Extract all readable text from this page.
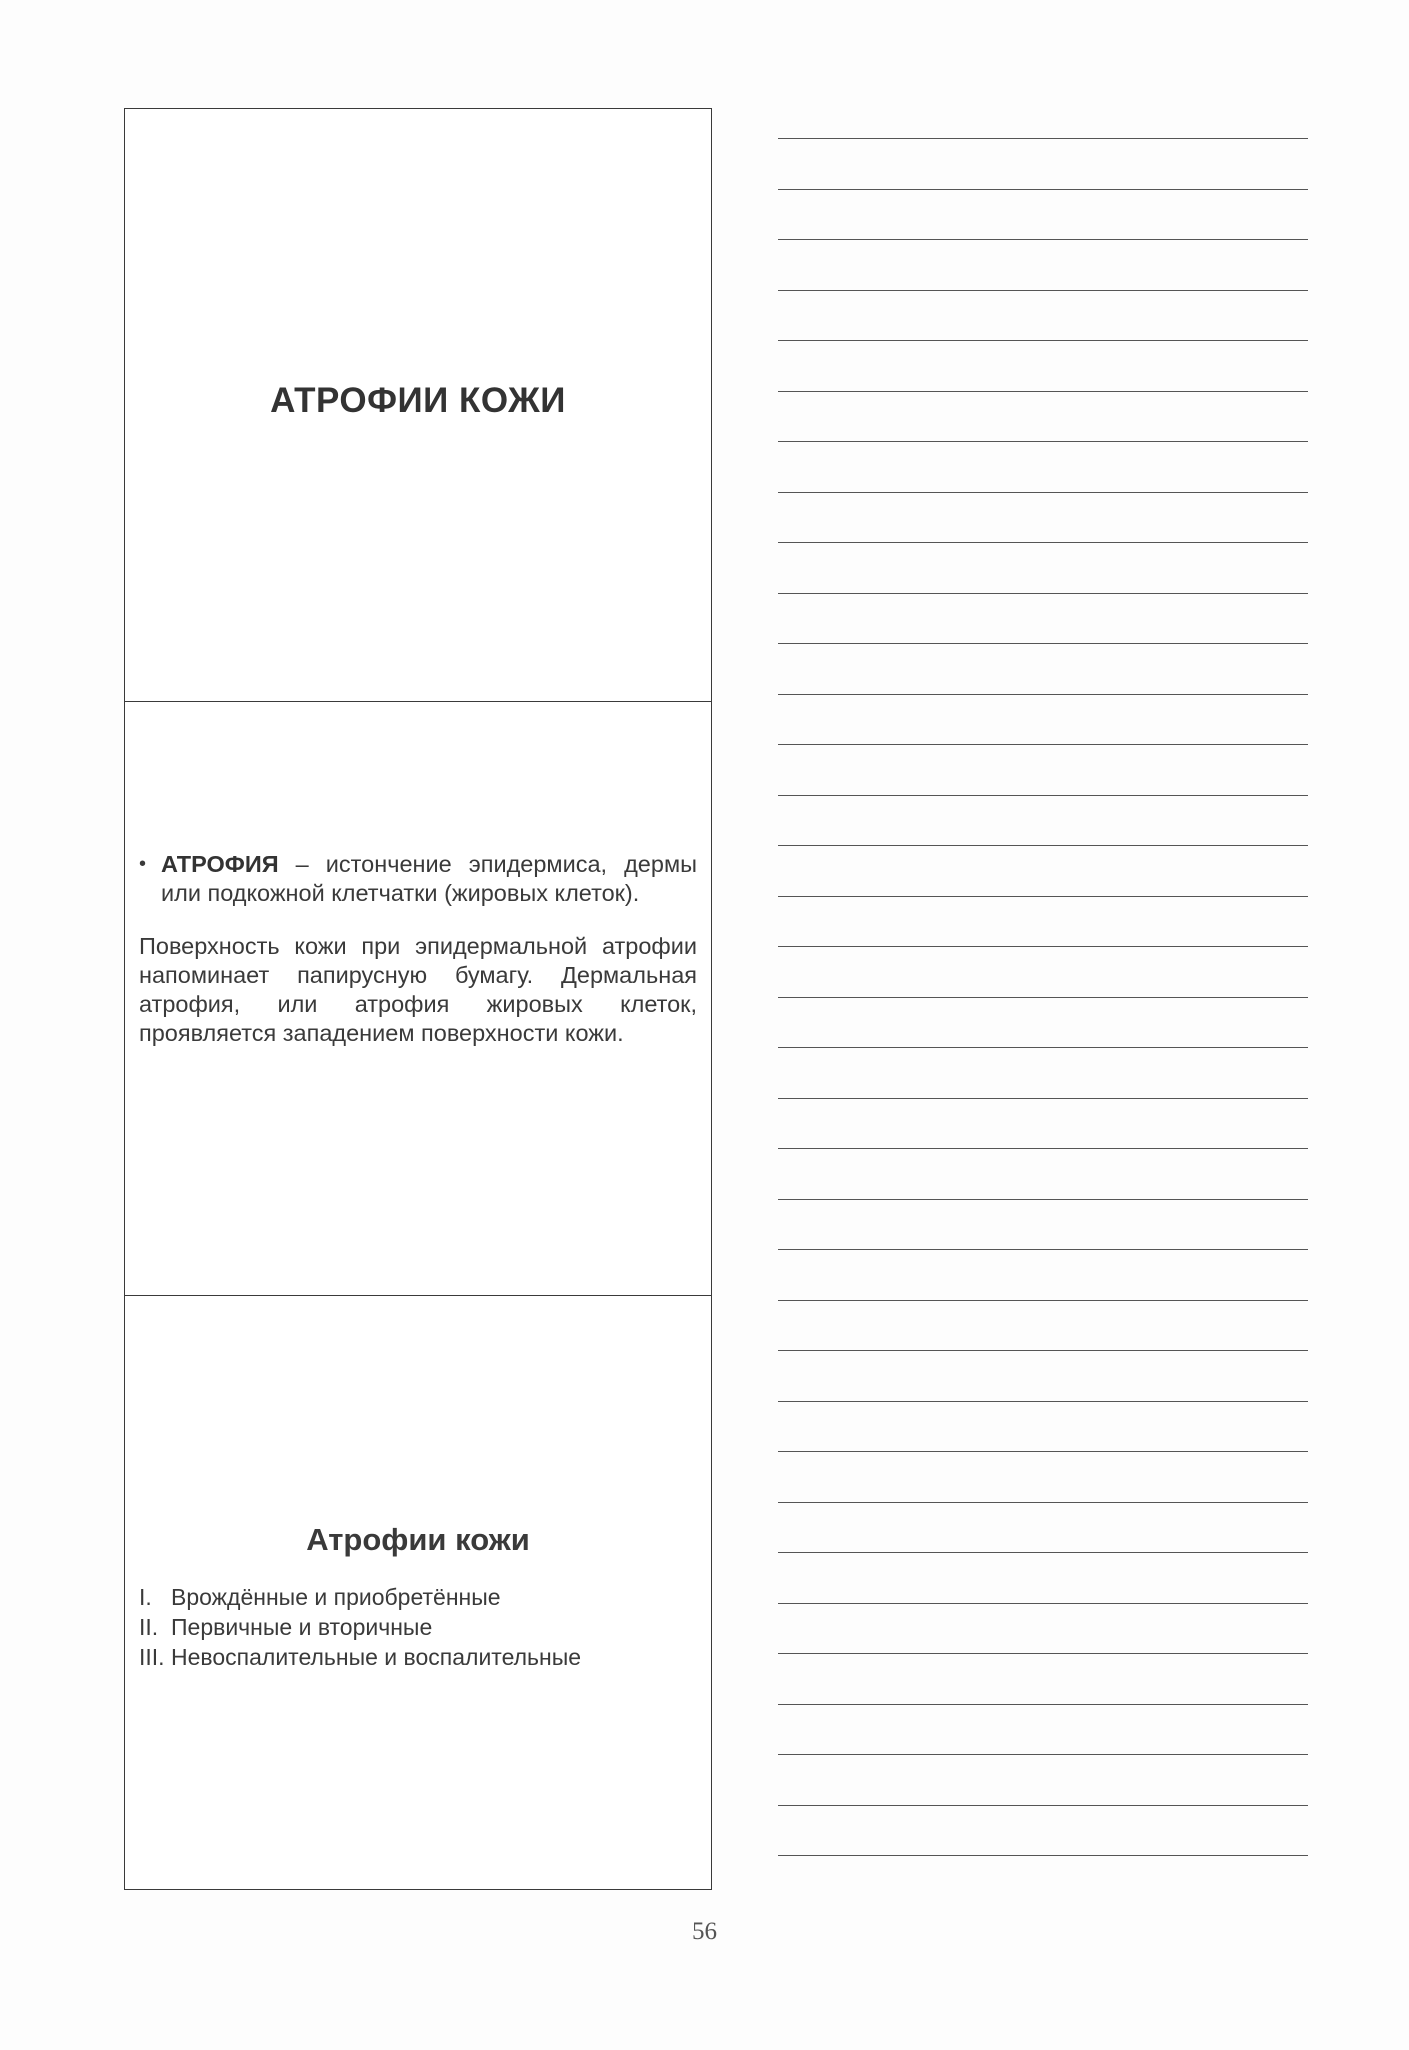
АТРОФИИ КОЖИ
• АТРОФИЯ – истончение эпидермиса, дермы или подкожной клетчатки (жировых клеток).
Поверхность кожи при эпидермальной атрофии напоминает папирусную бумагу. Дермальная атрофия, или атрофия жировых клеток, проявляется западением поверхности кожи.
Атрофии кожи
I. Врождённые и приобретённые
II. Первичные и вторичные
III. Невоспалительные и воспалительные
56
